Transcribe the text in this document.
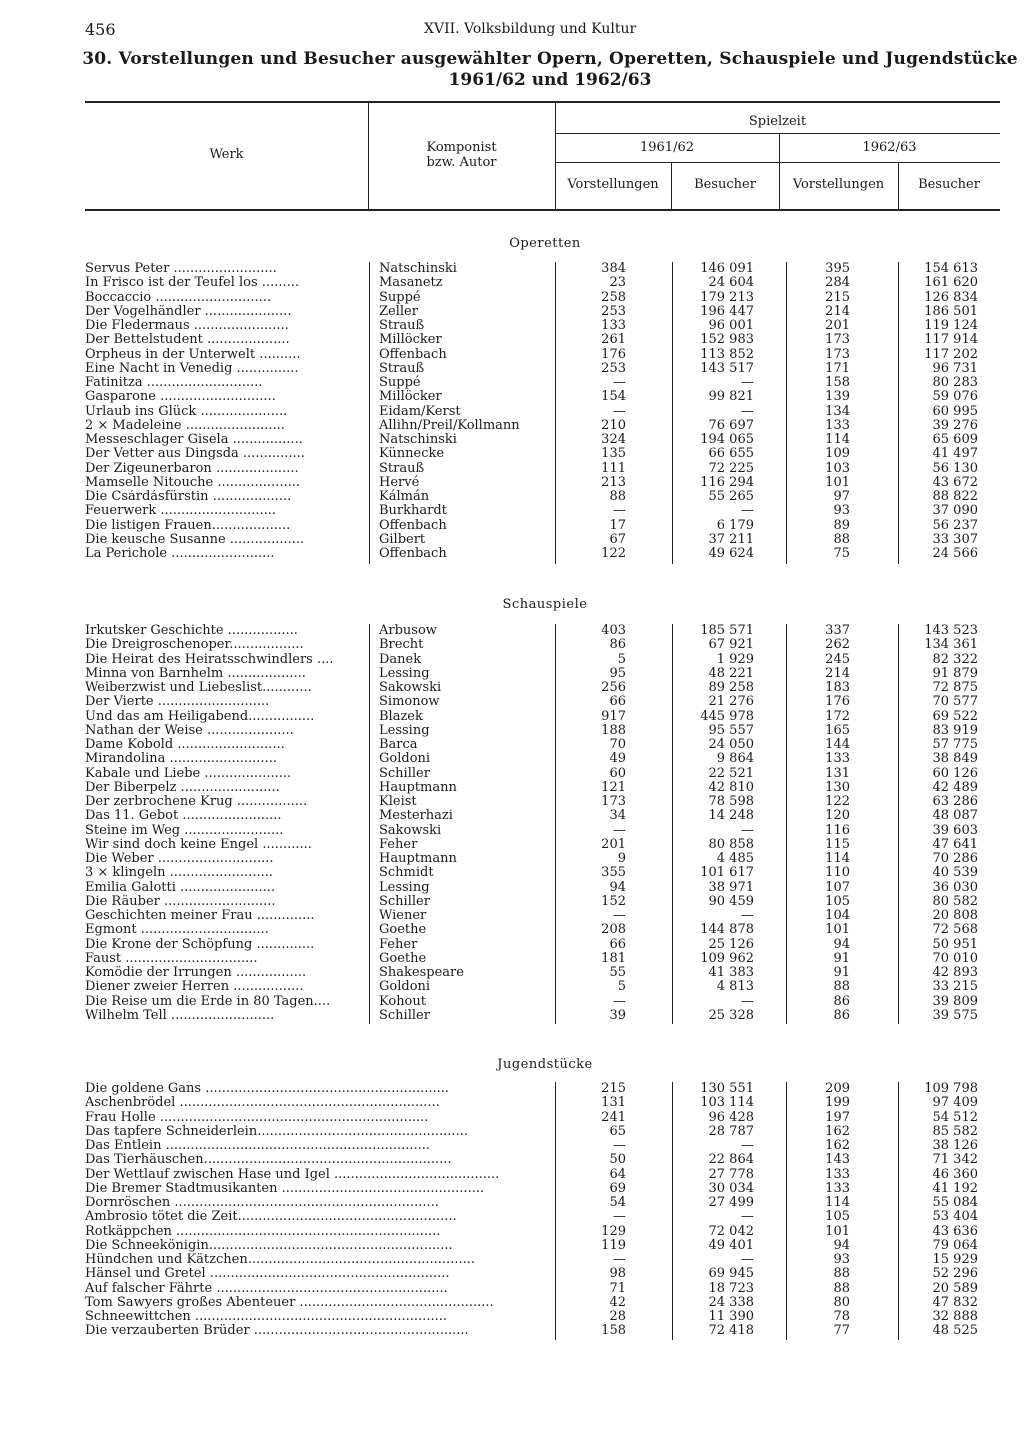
456	XVII. Volksbildung und Kultur
30. Vorstellungen und Besucher ausgewählter Opern, Operetten, Schauspiele und Jugendstücke
1961/62 und 1962/63
Werk	Komponist
bzw. Autor
Spielzeit
1961/62	1962/63
Vorstellungen	Besucher	Vorstellungen	Besucher
Operetten
Schauspiele
Jugendstücke
Servus Peter .........................	Natschinski	384	146 091	395	154 613
In Frisco ist der Teufel los .........	Masanetz	23	24 604	284	161 620
Boccaccio ............................	Suppé	258	179 213	215	126 834
Der Vogelhändler .....................	Zeller	253	196 447	214	186 501
Die Fledermaus .......................	Strauß	133	96 001	201	119 124
Der Bettelstudent ....................	Millöcker	261	152 983	173	117 914
Orpheus in der Unterwelt ..........	Offenbach	176	113 852	173	117 202
Eine Nacht in Venedig ...............	Strauß	253	143 517	171	96 731
Fatinitza ............................	Suppé	—	—	158	80 283
Gasparone ............................	Millöcker	154	99 821	139	59 076
Urlaub ins Glück .....................	Eidam/Kerst	—	—	134	60 995
2 × Madeleine ........................	Allihn/Preil/Kollmann	210	76 697	133	39 276
Messeschlager Gisela .................	Natschinski	324	194 065	114	65 609
Der Vetter aus Dingsda ...............	Künnecke	135	66 655	109	41 497
Der Zigeunerbaron ....................	Strauß	111	72 225	103	56 130
Mamselle Nitouche ....................	Hervé	213	116 294	101	43 672
Die Csárdásfürstin ...................	Kálmán	88	55 265	97	88 822
Feuerwerk ............................	Burkhardt	—	—	93	37 090
Die listigen Frauen...................	Offenbach	17	6 179	89	56 237
Die keusche Susanne ..................	Gilbert	67	37 211	88	33 307
La Perichole .........................	Offenbach	122	49 624	75	24 566
Irkutsker Geschichte .................	Arbusow	403	185 571	337	143 523
Die Dreigroschenoper..................	Brecht	86	67 921	262	134 361
Die Heirat des Heiratsschwindlers ....	Danek	5	1 929	245	82 322
Minna von Barnhelm ...................	Lessing	95	48 221	214	91 879
Weiberzwist und Liebeslist............	Sakowski	256	89 258	183	72 875
Der Vierte ...........................	Simonow	66	21 276	176	70 577
Und das am Heiligabend................	Blazek	917	445 978	172	69 522
Nathan der Weise .....................	Lessing	188	95 557	165	83 919
Dame Kobold ..........................	Barca	70	24 050	144	57 775
Mirandolina ..........................	Goldoni	49	9 864	133	38 849
Kabale und Liebe .....................	Schiller	60	22 521	131	60 126
Der Biberpelz ........................	Hauptmann	121	42 810	130	42 489
Der zerbrochene Krug .................	Kleist	173	78 598	122	63 286
Das 11. Gebot ........................	Mesterhazi	34	14 248	120	48 087
Steine im Weg ........................	Sakowski	—	—	116	39 603
Wir sind doch keine Engel ............	Feher	201	80 858	115	47 641
Die Weber ............................	Hauptmann	9	4 485	114	70 286
3 × klingeln .........................	Schmidt	355	101 617	110	40 539
Emilia Galotti .......................	Lessing	94	38 971	107	36 030
Die Räuber ...........................	Schiller	152	90 459	105	80 582
Geschichten meiner Frau ..............	Wiener	—	—	104	20 808
Egmont ...............................	Goethe	208	144 878	101	72 568
Die Krone der Schöpfung ..............	Feher	66	25 126	94	50 951
Faust ................................	Goethe	181	109 962	91	70 010
Komödie der Irrungen .................	Shakespeare	55	41 383	91	42 893
Diener zweier Herren .................	Goldoni	5	4 813	88	33 215
Die Reise um die Erde in 80 Tagen....	Kohout	—	—	86	39 809
Wilhelm Tell .........................	Schiller	39	25 328	86	39 575
Die goldene Gans ...........................................................	215	130 551	209	109 798
Aschenbrödel ...............................................................	131	103 114	199	97 409
Frau Holle .................................................................	241	96 428	197	54 512
Das tapfere Schneiderlein...................................................	65	28 787	162	85 582
Das Entlein ................................................................	—	—	162	38 126
Das Tierhäuschen............................................................	50	22 864	143	71 342
Der Wettlauf zwischen Hase und Igel ........................................	64	27 778	133	46 360
Die Bremer Stadtmusikanten .................................................	69	30 034	133	41 192
Dornröschen ................................................................	54	27 499	114	55 084
Ambrosio tötet die Zeit.....................................................	—	—	105	53 404
Rotkäppchen ................................................................	129	72 042	101	43 636
Die Schneekönigin...........................................................	119	49 401	94	79 064
Hündchen und Kätzchen.......................................................	—	—	93	15 929
Hänsel und Gretel ..........................................................	98	69 945	88	52 296
Auf falscher Fährte ........................................................	71	18 723	88	20 589
Tom Sawyers großes Abenteuer ...............................................	42	24 338	80	47 832
Schneewittchen .............................................................	28	11 390	78	32 888
Die verzauberten Brüder ....................................................	158	72 418	77	48 525
